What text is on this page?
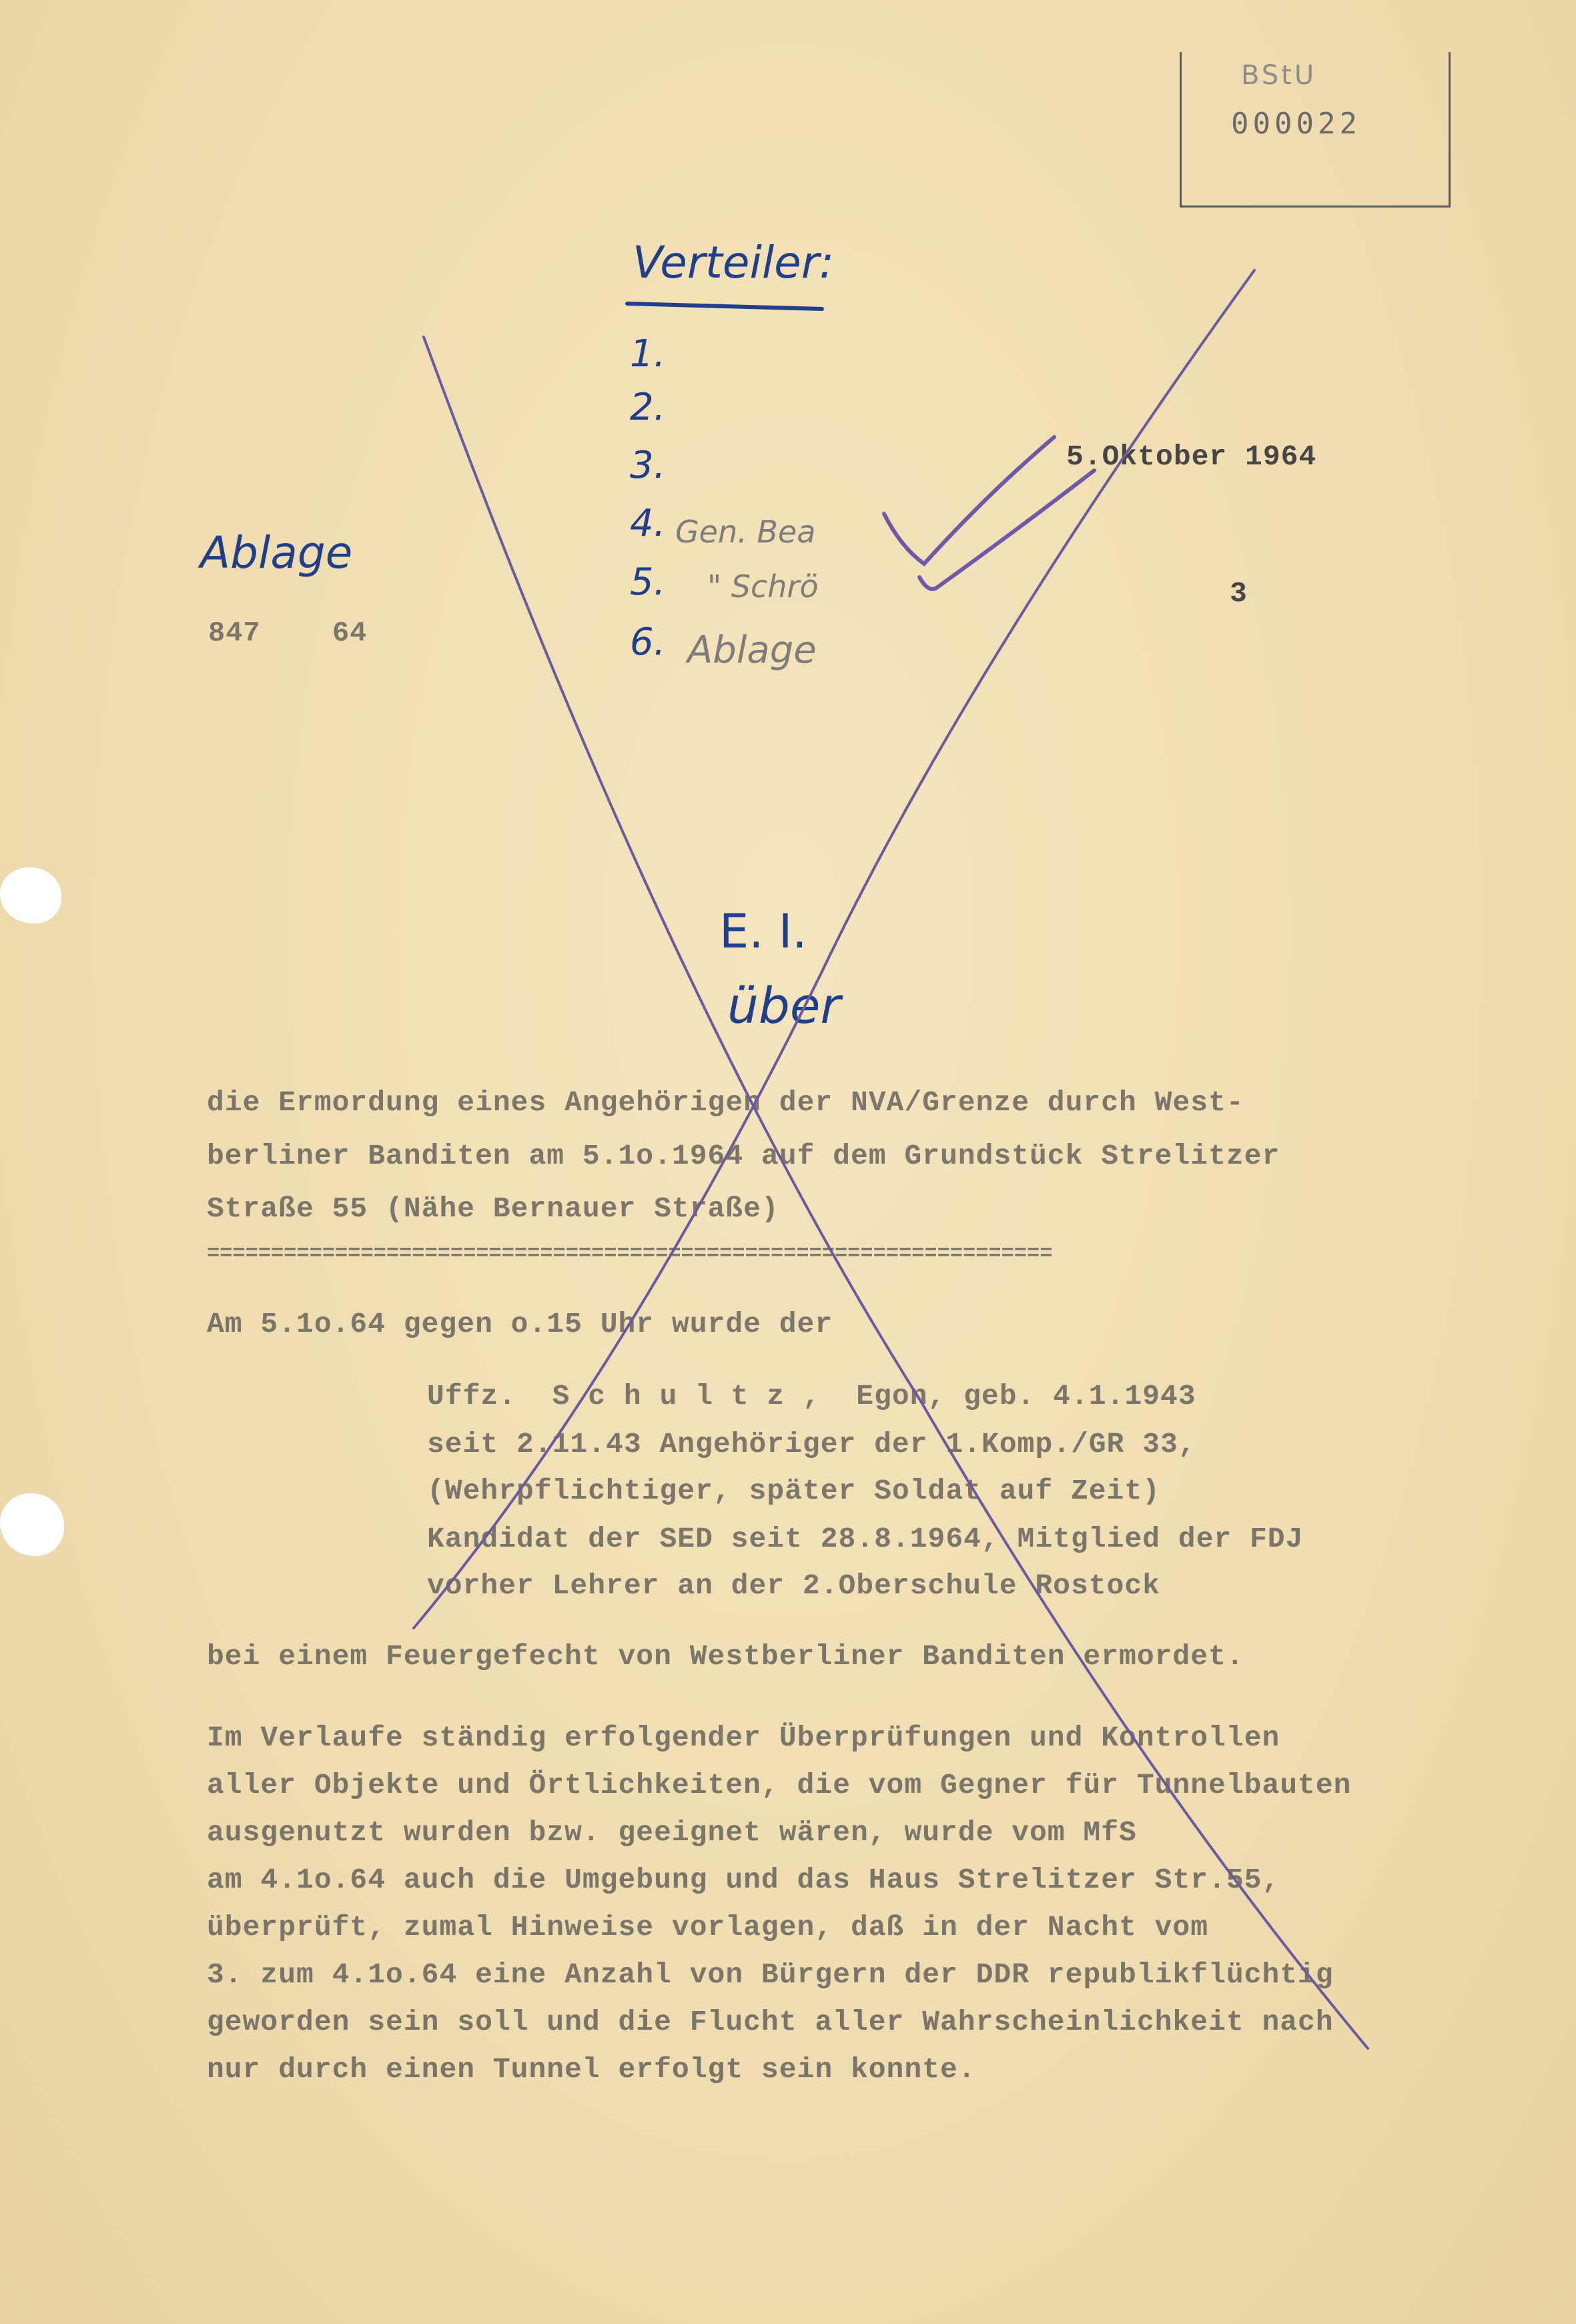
BStU
000022
Verteiler:
1.
2.
3.
4.
5.
6.
Gen. Bea
" Schrö
Ablage
Ablage
847	64
5.Oktober 1964
3
E. I.
über
die Ermordung eines Angehörigen der NVA/Grenze durch West-
berliner Banditen am 5.1o.1964 auf dem Grundstück Strelitzer
Straße 55 (Nähe Bernauer Straße)
==================================================================
Am 5.1o.64 gegen o.15 Uhr wurde der
Uffz.  S c h u l t z ,  Egon, geb. 4.1.1943
seit 2.11.43 Angehöriger der 1.Komp./GR 33,
(Wehrpflichtiger, später Soldat auf Zeit)
Kandidat der SED seit 28.8.1964, Mitglied der FDJ
vorher Lehrer an der 2.Oberschule Rostock
bei einem Feuergefecht von Westberliner Banditen ermordet.
Im Verlaufe ständig erfolgender Überprüfungen und Kontrollen
aller Objekte und Örtlichkeiten, die vom Gegner für Tunnelbauten
ausgenutzt wurden bzw. geeignet wären, wurde vom MfS
am 4.1o.64 auch die Umgebung und das Haus Strelitzer Str.55,
überprüft, zumal Hinweise vorlagen, daß in der Nacht vom
3. zum 4.1o.64 eine Anzahl von Bürgern der DDR republikflüchtig
geworden sein soll und die Flucht aller Wahrscheinlichkeit nach
nur durch einen Tunnel erfolgt sein konnte.
